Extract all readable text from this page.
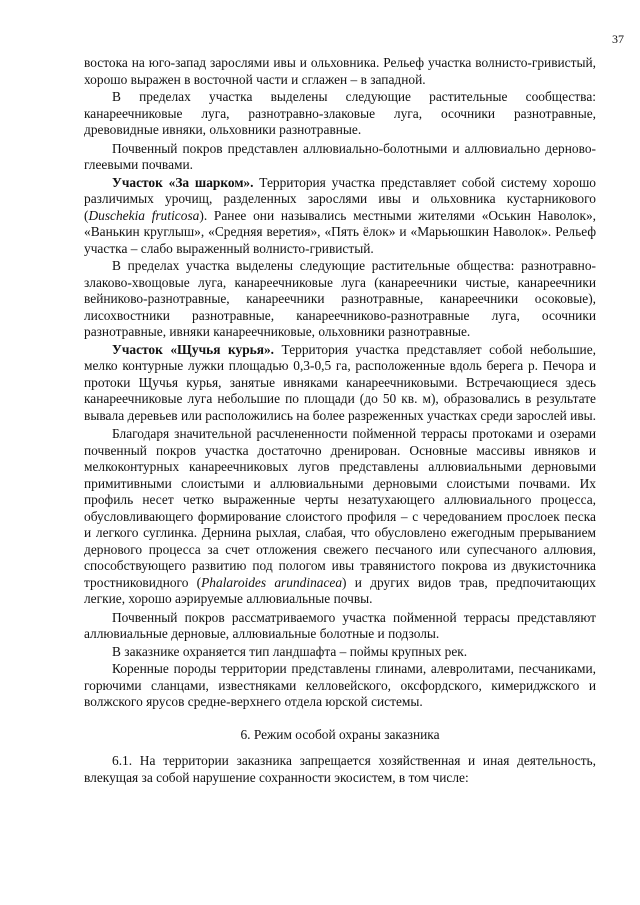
37

востока на юго-запад зарослями ивы и ольховника. Рельеф участка волнисто-гривистый, хорошо выражен в восточной части и сглажен – в западной.

В пределах участка выделены следующие растительные сообщества: канареечниковые луга, разнотравно-злаковые луга, осочники разнотравные, древовидные ивняки, ольховники разнотравные.

Почвенный покров представлен аллювиально-болотными и аллювиально дерново-глеевыми почвами.

Участок «За шарком». Территория участка представляет собой систему хорошо различимых урочищ, разделенных зарослями ивы и ольховника кустарникового (Duschekia fruticosa). Ранее они назывались местными жителями «Оськин Наволок», «Ванькин круглыш», «Средняя веретия», «Пять ёлок» и «Марьюшкин Наволок». Рельеф участка – слабо выраженный волнисто-гривистый.

В пределах участка выделены следующие растительные общества: разнотравно-злаково-хвощовые луга, канареечниковые луга (канареечники чистые, канареечники вейниково-разнотравные, канареечники разнотравные, канареечники осоковые), лисохвостники разнотравные, канареечниково-разнотравные луга, осочники разнотравные, ивняки канареечниковые, ольховники разнотравные.

Участок «Щучья курья». Территория участка представляет собой небольшие, мелко контурные лужки площадью 0,3-0,5 га, расположенные вдоль берега р. Печора и протоки Щучья курья, занятые ивняками канареечниковыми. Встречающиеся здесь канареечниковые луга небольшие по площади (до 50 кв. м), образовались в результате вывала деревьев или расположились на более разреженных участках среди зарослей ивы.

Благодаря значительной расчлененности пойменной террасы протоками и озерами почвенный покров участка достаточно дренирован. Основные массивы ивняков и мелкоконтурных канареечниковых лугов представлены аллювиальными дерновыми примитивными слоистыми и аллювиальными дерновыми слоистыми почвами. Их профиль несет четко выраженные черты незатухающего аллювиального процесса, обусловливающего формирование слоистого профиля – с чередованием прослоек песка и легкого суглинка. Дернина рыхлая, слабая, что обусловлено ежегодным прерыванием дернового процесса за счет отложения свежего песчаного или супесчаного аллювия, способствующего развитию под пологом ивы травянистого покрова из двукисточника тростниковидного (Phalaroides arundinacea) и других видов трав, предпочитающих легкие, хорошо аэрируемые аллювиальные почвы.

Почвенный покров рассматриваемого участка пойменной террасы представляют аллювиальные дерновые, аллювиальные болотные и подзолы.

В заказнике охраняется тип ландшафта – поймы крупных рек.

Коренные породы территории представлены глинами, алевролитами, песчаниками, горючими сланцами, известняками келловейского, оксфордского, кимериджского и волжского ярусов средне-верхнего отдела юрской системы.

6. Режим особой охраны заказника

6.1. На территории заказника запрещается хозяйственная и иная деятельность, влекущая за собой нарушение сохранности экосистем, в том числе:
